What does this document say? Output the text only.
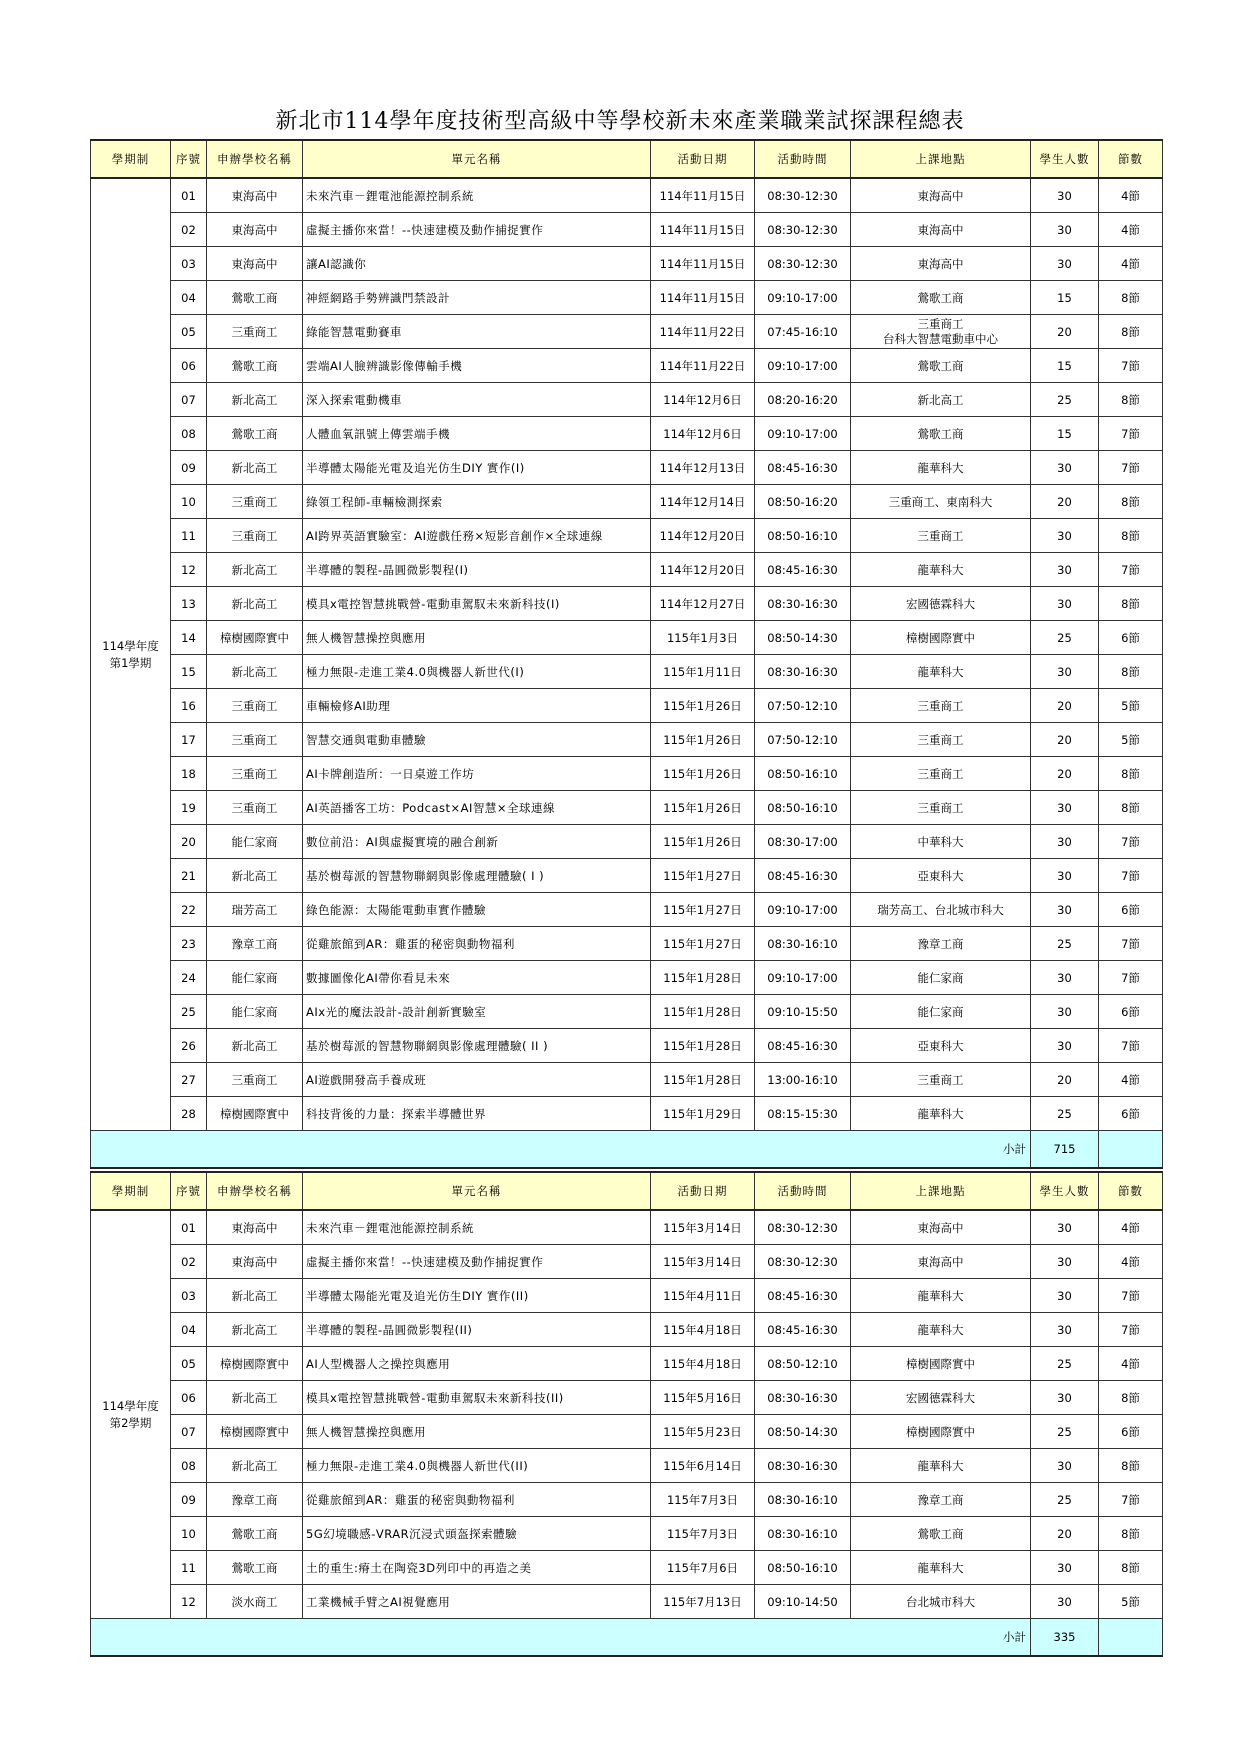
新北市114學年度技術型高級中等學校新未來產業職業試探課程總表
學期制	序號	申辦學校名稱	單元名稱	活動日期	活動時間	上課地點	學生人數	節數

114學年度
第1學期	01	東海高中	未來汽車－鋰電池能源控制系統	114年11月15日	08:30-12:30	東海高中	30	4節
	02	東海高中	虛擬主播你來當！--快速建模及動作捕捉實作	114年11月15日	08:30-12:30	東海高中	30	4節
	03	東海高中	讓AI認識你	114年11月15日	08:30-12:30	東海高中	30	4節
	04	鶯歌工商	神經網路手勢辨識門禁設計	114年11月15日	09:10-17:00	鶯歌工商	15	8節
	05	三重商工	綠能智慧電動賽車	114年11月22日	07:45-16:10	三重商工
台科大智慧電動車中心	20	8節
	06	鶯歌工商	雲端AI人臉辨識影像傳輸手機	114年11月22日	09:10-17:00	鶯歌工商	15	7節
	07	新北高工	深入探索電動機車	114年12月6日	08:20-16:20	新北高工	25	8節
	08	鶯歌工商	人體血氧訊號上傳雲端手機	114年12月6日	09:10-17:00	鶯歌工商	15	7節
	09	新北高工	半導體太陽能光電及追光仿生DIY 實作(I)	114年12月13日	08:45-16:30	龍華科大	30	7節
	10	三重商工	綠領工程師-車輛檢測探索	114年12月14日	08:50-16:20	三重商工、東南科大	20	8節
	11	三重商工	AI跨界英語實驗室：AI遊戲任務×短影音創作×全球連線	114年12月20日	08:50-16:10	三重商工	30	8節
	12	新北高工	半導體的製程-晶圓微影製程(I)	114年12月20日	08:45-16:30	龍華科大	30	7節
	13	新北高工	模具x電控智慧挑戰營-電動車駕馭未來新科技(I)	114年12月27日	08:30-16:30	宏國德霖科大	30	8節
	14	樟樹國際實中	無人機智慧操控與應用	115年1月3日	08:50-14:30	樟樹國際實中	25	6節
	15	新北高工	極力無限-走進工業4.0與機器人新世代(I)	115年1月11日	08:30-16:30	龍華科大	30	8節
	16	三重商工	車輛檢修AI助理	115年1月26日	07:50-12:10	三重商工	20	5節
	17	三重商工	智慧交通與電動車體驗	115年1月26日	07:50-12:10	三重商工	20	5節
	18	三重商工	AI卡牌創造所：一日桌遊工作坊	115年1月26日	08:50-16:10	三重商工	20	8節
	19	三重商工	AI英語播客工坊：Podcast×AI智慧×全球連線	115年1月26日	08:50-16:10	三重商工	30	8節
	20	能仁家商	數位前沿：AI與虛擬實境的融合創新	115年1月26日	08:30-17:00	中華科大	30	7節
	21	新北高工	基於樹莓派的智慧物聯網與影像處理體驗( I )	115年1月27日	08:45-16:30	亞東科大	30	7節
	22	瑞芳高工	綠色能源：太陽能電動車實作體驗	115年1月27日	09:10-17:00	瑞芳高工、台北城市科大	30	6節
	23	豫章工商	從雞旅館到AR：雞蛋的秘密與動物福利	115年1月27日	08:30-16:10	豫章工商	25	7節
	24	能仁家商	數據圖像化AI帶你看見未來	115年1月28日	09:10-17:00	能仁家商	30	7節
	25	能仁家商	AIx光的魔法設計-設計創新實驗室	115年1月28日	09:10-15:50	能仁家商	30	6節
	26	新北高工	基於樹莓派的智慧物聯網與影像處理體驗( II )	115年1月28日	08:45-16:30	亞東科大	30	7節
	27	三重商工	AI遊戲開發高手養成班	115年1月28日	13:00-16:10	三重商工	20	4節
	28	樟樹國際實中	科技背後的力量：探索半導體世界	115年1月29日	08:15-15:30	龍華科大	25	6節
小計							715	
學期制	序號	申辦學校名稱	單元名稱	活動日期	活動時間	上課地點	學生人數	節數

114學年度
第2學期	01	東海高中	未來汽車－鋰電池能源控制系統	115年3月14日	08:30-12:30	東海高中	30	4節
	02	東海高中	虛擬主播你來當！--快速建模及動作捕捉實作	115年3月14日	08:30-12:30	東海高中	30	4節
	03	新北高工	半導體太陽能光電及追光仿生DIY 實作(II)	115年4月11日	08:45-16:30	龍華科大	30	7節
	04	新北高工	半導體的製程-晶圓微影製程(II)	115年4月18日	08:45-16:30	龍華科大	30	7節
	05	樟樹國際實中	AI人型機器人之操控與應用	115年4月18日	08:50-12:10	樟樹國際實中	25	4節
	06	新北高工	模具x電控智慧挑戰營-電動車駕馭未來新科技(II)	115年5月16日	08:30-16:30	宏國德霖科大	30	8節
	07	樟樹國際實中	無人機智慧操控與應用	115年5月23日	08:50-14:30	樟樹國際實中	25	6節
	08	新北高工	極力無限-走進工業4.0與機器人新世代(II)	115年6月14日	08:30-16:30	龍華科大	30	8節
	09	豫章工商	從雞旅館到AR：雞蛋的秘密與動物福利	115年7月3日	08:30-16:10	豫章工商	25	7節
	10	鶯歌工商	5G幻境職感-VRAR沉浸式頭盔探索體驗	115年7月3日	08:30-16:10	鶯歌工商	20	8節
	11	鶯歌工商	土的重生:瘠土在陶瓷3D列印中的再造之美	115年7月6日	08:50-16:10	龍華科大	30	8節
	12	淡水商工	工業機械手臂之AI視覺應用	115年7月13日	09:10-14:50	台北城市科大	30	5節
小計							335	
